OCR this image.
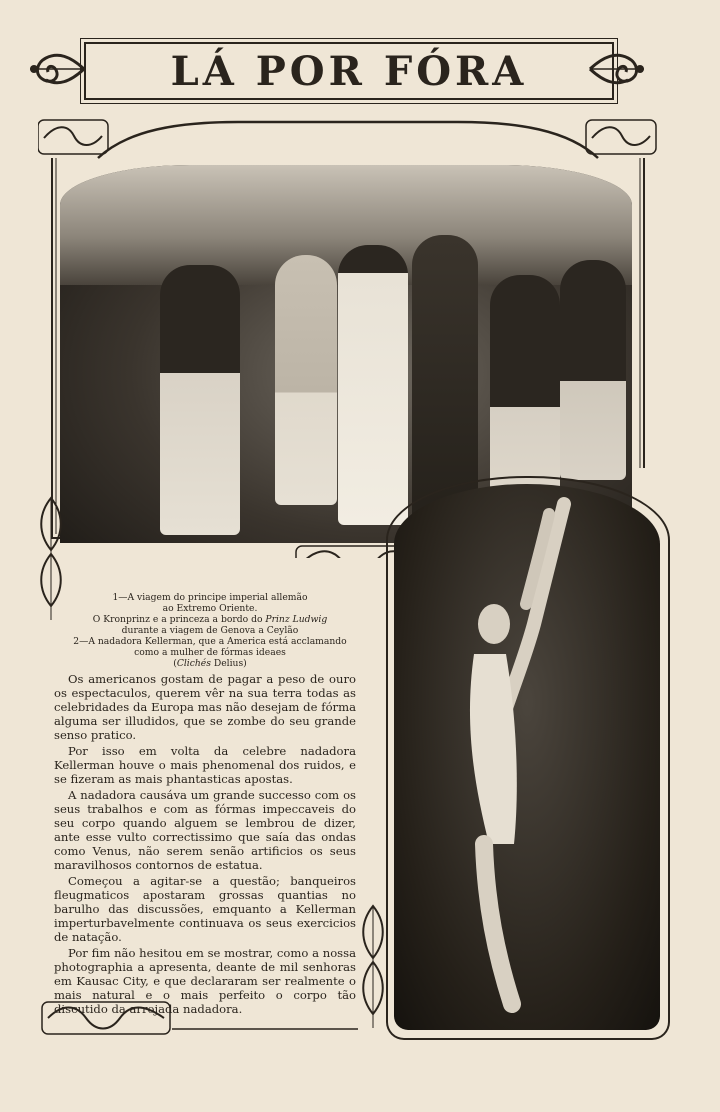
LÁ POR FÓRA
1—A viagem do principe imperial allemão
ao Extremo Oriente.
O Kronprinz e a princeza a bordo do Prinz Ludwig
durante a viagem de Genova a Ceylão
2—A nadadora Kellerman, que a America está acclamando
como a mulher de fórmas ideaes
(Clichés Delius)

Os americanos gostam de pagar a peso de ouro os espectaculos, querem vêr na sua terra todas as celebridades da Europa mas não desejam de fórma alguma ser illudidos, que se zombe do seu grande senso pratico.

Por isso em volta da celebre nadadora Kellerman houve o mais phenomenal dos ruidos, e se fizeram as mais phantasticas apostas.

A nadadora causáva um grande successo com os seus trabalhos e com as fórmas impeccaveis do seu corpo quando alguem se lembrou de dizer, ante esse vulto correctissimo que saía das ondas como Venus, não serem senão artificios os seus maravilhosos contornos de estatua.

Começou a agitar-se a questão; banqueiros fleugmaticos apostaram grossas quantias no barulho das discussões, emquanto a Kellerman imperturbavelmente continuava os seus exercicios de natação.

Por fim não hesitou em se mostrar, como a nossa photographia a apresenta, deante de mil senhoras em Kausac City, e que declararam ser realmente o mais natural e o mais perfeito o corpo tão discutido da arrojada nadadora.
